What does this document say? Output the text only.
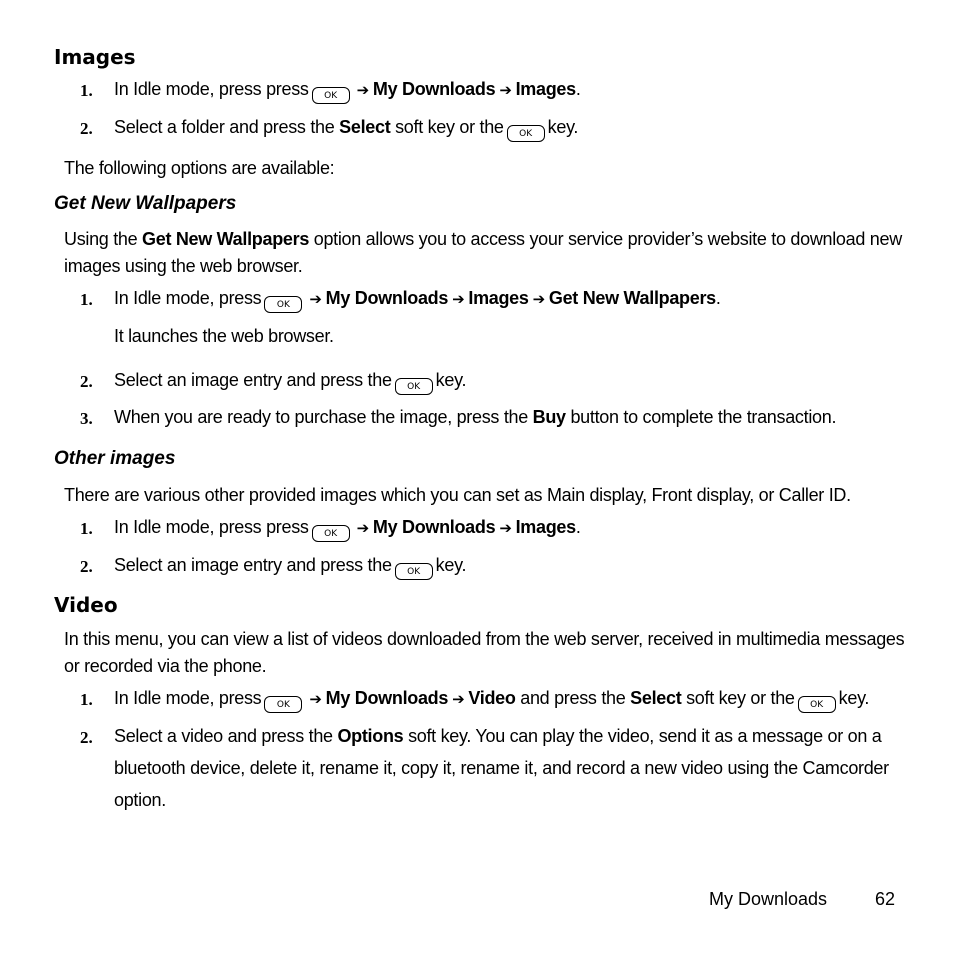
Images
1. In Idle mode, press press OK ➔ My Downloads ➔ Images.
2. Select a folder and press the Select soft key or the OK key.
The following options are available:
Get New Wallpapers
Using the Get New Wallpapers option allows you to access your service provider’s website to download new
images using the web browser.
1. In Idle mode, press OK ➔ My Downloads ➔ Images ➔ Get New Wallpapers.
It launches the web browser.
2. Select an image entry and press the OK key.
3. When you are ready to purchase the image, press the Buy button to complete the transaction.
Other images
There are various other provided images which you can set as Main display, Front display, or Caller ID.
1. In Idle mode, press press OK ➔ My Downloads ➔ Images.
2. Select an image entry and press the OK key.
Video
In this menu, you can view a list of videos downloaded from the web server, received in multimedia messages
or recorded via the phone.
1. In Idle mode, press OK ➔ My Downloads ➔ Video and press the Select soft key or the OK key.
2. Select a video and press the Options soft key. You can play the video, send it as a message or on a
bluetooth device, delete it, rename it, copy it, rename it, and record a new video using the Camcorder
option.
My Downloads	62
